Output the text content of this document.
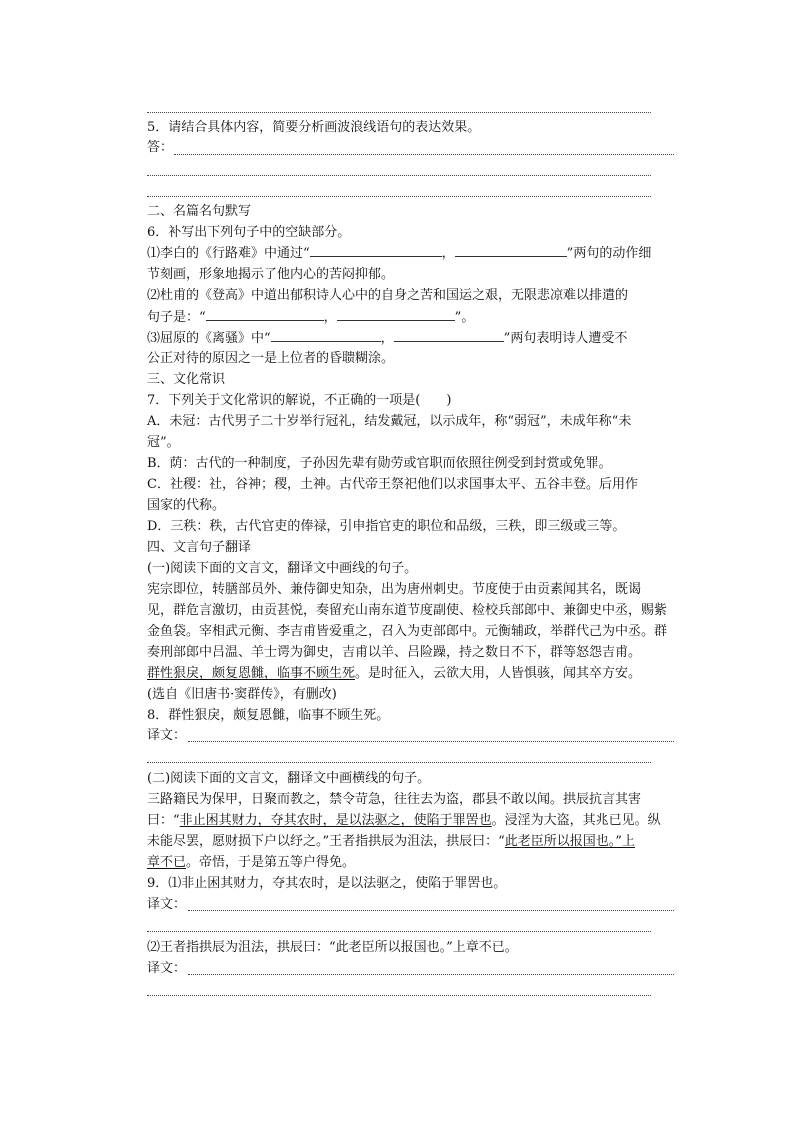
5．请结合具体内容，简要分析画波浪线语句的表达效果。
答：
二、名篇名句默写
6．补写出下列句子中的空缺部分。
⑴李白的《行路难》中通过“	，	”两句的动作细
节刻画，形象地揭示了他内心的苦闷抑郁。
⑵杜甫的《登高》中道出郁积诗人心中的自身之苦和国运之艰，无限悲凉难以排遣的
句子是：“	，	”。
⑶屈原的《离骚》中“	，	”两句表明诗人遭受不
公正对待的原因之一是上位者的昏聩糊涂。
三、文化常识
7．下列关于文化常识的解说，不正确的一项是(　　)
A．未冠：古代男子二十岁举行冠礼，结发戴冠，以示成年，称“弱冠”，未成年称“未
冠”。
B．荫：古代的一种制度，子孙因先辈有勋劳或官职而依照往例受到封赏或免罪。
C．社稷：社，谷神；稷，土神。古代帝王祭祀他们以求国事太平、五谷丰登。后用作
国家的代称。
D．三秩：秩，古代官吏的俸禄，引申指官吏的职位和品级，三秩，即三级或三等。
四、文言句子翻译
(一)阅读下面的文言文，翻译文中画线的句子。
宪宗即位，转膳部员外、兼侍御史知杂，出为唐州刺史。节度使于由贡素闻其名，既谒
见，群危言激切，由贡甚悦，奏留充山南东道节度副使、检校兵部郎中、兼御史中丞，赐紫
金鱼袋。宰相武元衡、李吉甫皆爱重之，召入为吏部郎中。元衡辅政，举群代己为中丞。群
奏刑部郎中吕温、羊士谔为御史，吉甫以羊、吕险躁，持之数日不下，群等怒怨吉甫。
群性狠戾，颇复恩雠，临事不顾生死。是时征入，云欲大用，人皆惧骇，闻其卒方安。
(选自《旧唐书·窦群传》，有删改)
8．群性狠戾，颇复恩雠，临事不顾生死。
译文：
(二)阅读下面的文言文，翻译文中画横线的句子。
三路籍民为保甲，日聚而教之，禁令苛急，往往去为盗，郡县不敢以闻。拱辰抗言其害
曰：“非止困其财力，夺其农时，是以法驱之，使陷于罪罟也。浸淫为大盗，其兆已见。纵
未能尽罢，愿财损下户以纾之。”王者指拱辰为沮法，拱辰曰：“此老臣所以报国也。”上
章不已。帝悟，于是第五等户得免。
9．⑴非止困其财力，夺其农时，是以法驱之，使陷于罪罟也。
译文：
⑵王者指拱辰为沮法，拱辰曰：“此老臣所以报国也。”上章不已。
译文：
